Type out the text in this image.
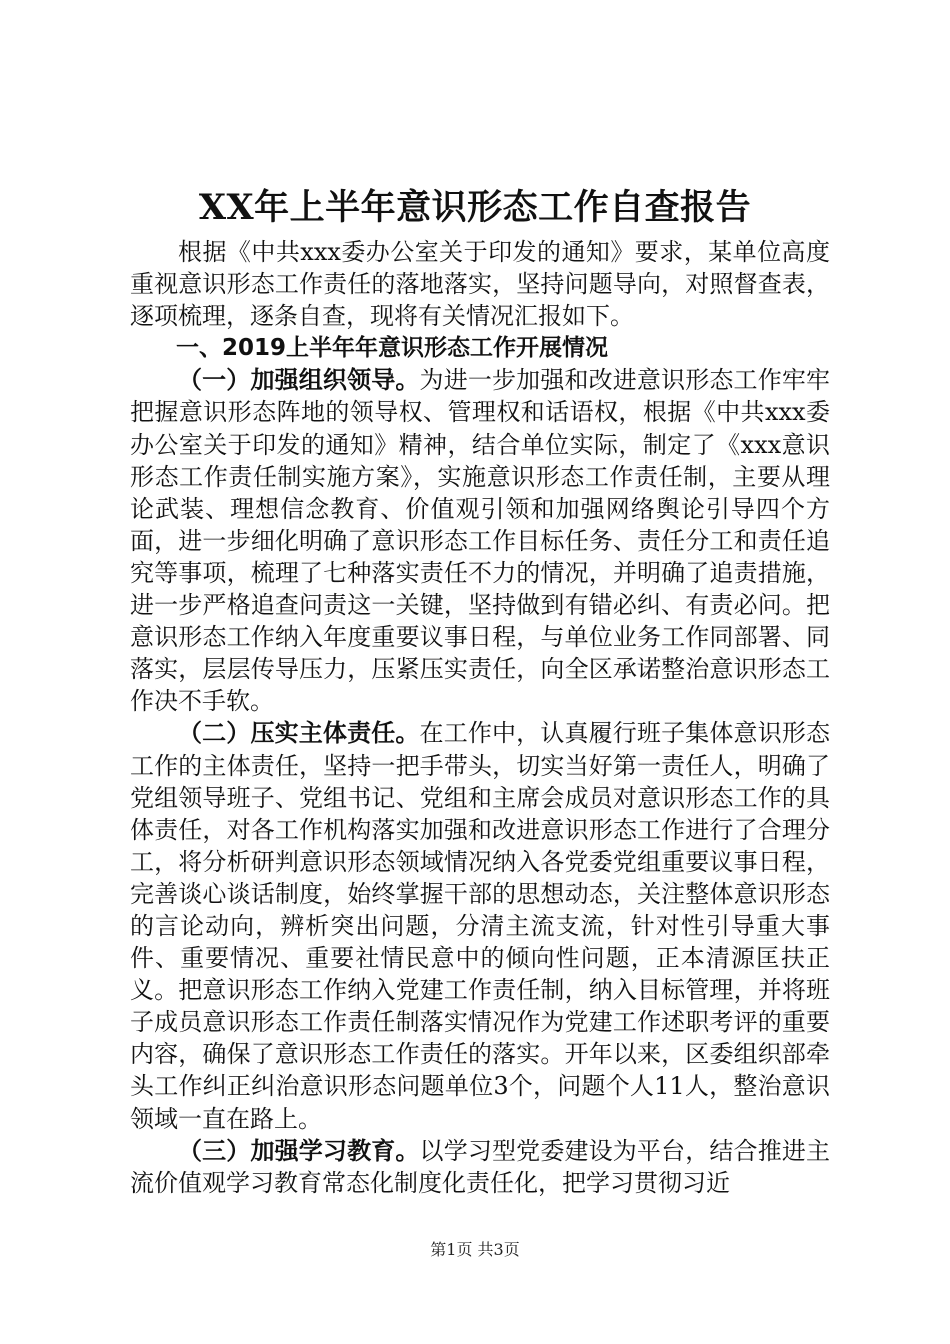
XX年上半年意识形态工作自查报告

根据《中共xxx委办公室关于印发的通知》要求，某单位高度重视意识形态工作责任的落地落实，坚持问题导向，对照督查表，逐项梳理，逐条自查，现将有关情况汇报如下。

一、2019上半年年意识形态工作开展情况

（一）加强组织领导。为进一步加强和改进意识形态工作牢牢把握意识形态阵地的领导权、管理权和话语权，根据《中共xxx委办公室关于印发的通知》精神，结合单位实际，制定了《xxx意识形态工作责任制实施方案》，实施意识形态工作责任制，主要从理论武装、理想信念教育、价值观引领和加强网络舆论引导四个方面，进一步细化明确了意识形态工作目标任务、责任分工和责任追究等事项，梳理了七种落实责任不力的情况，并明确了追责措施，进一步严格追查问责这一关键，坚持做到有错必纠、有责必问。把意识形态工作纳入年度重要议事日程，与单位业务工作同部署、同落实，层层传导压力，压紧压实责任，向全区承诺整治意识形态工作决不手软。

（二）压实主体责任。在工作中，认真履行班子集体意识形态工作的主体责任，坚持一把手带头，切实当好第一责任人，明确了党组领导班子、党组书记、党组和主席会成员对意识形态工作的具体责任，对各工作机构落实加强和改进意识形态工作进行了合理分工，将分析研判意识形态领域情况纳入各党委党组重要议事日程，完善谈心谈话制度，始终掌握干部的思想动态，关注整体意识形态的言论动向，辨析突出问题，分清主流支流，针对性引导重大事件、重要情况、重要社情民意中的倾向性问题，正本清源匡扶正义。把意识形态工作纳入党建工作责任制，纳入目标管理，并将班子成员意识形态工作责任制落实情况作为党建工作述职考评的重要内容，确保了意识形态工作责任的落实。开年以来，区委组织部牵头工作纠正纠治意识形态问题单位3个，问题个人11人，整治意识领域一直在路上。

（三）加强学习教育。以学习型党委建设为平台，结合推进主流价值观学习教育常态化制度化责任化，把学习贯彻习近

第1页 共3页
